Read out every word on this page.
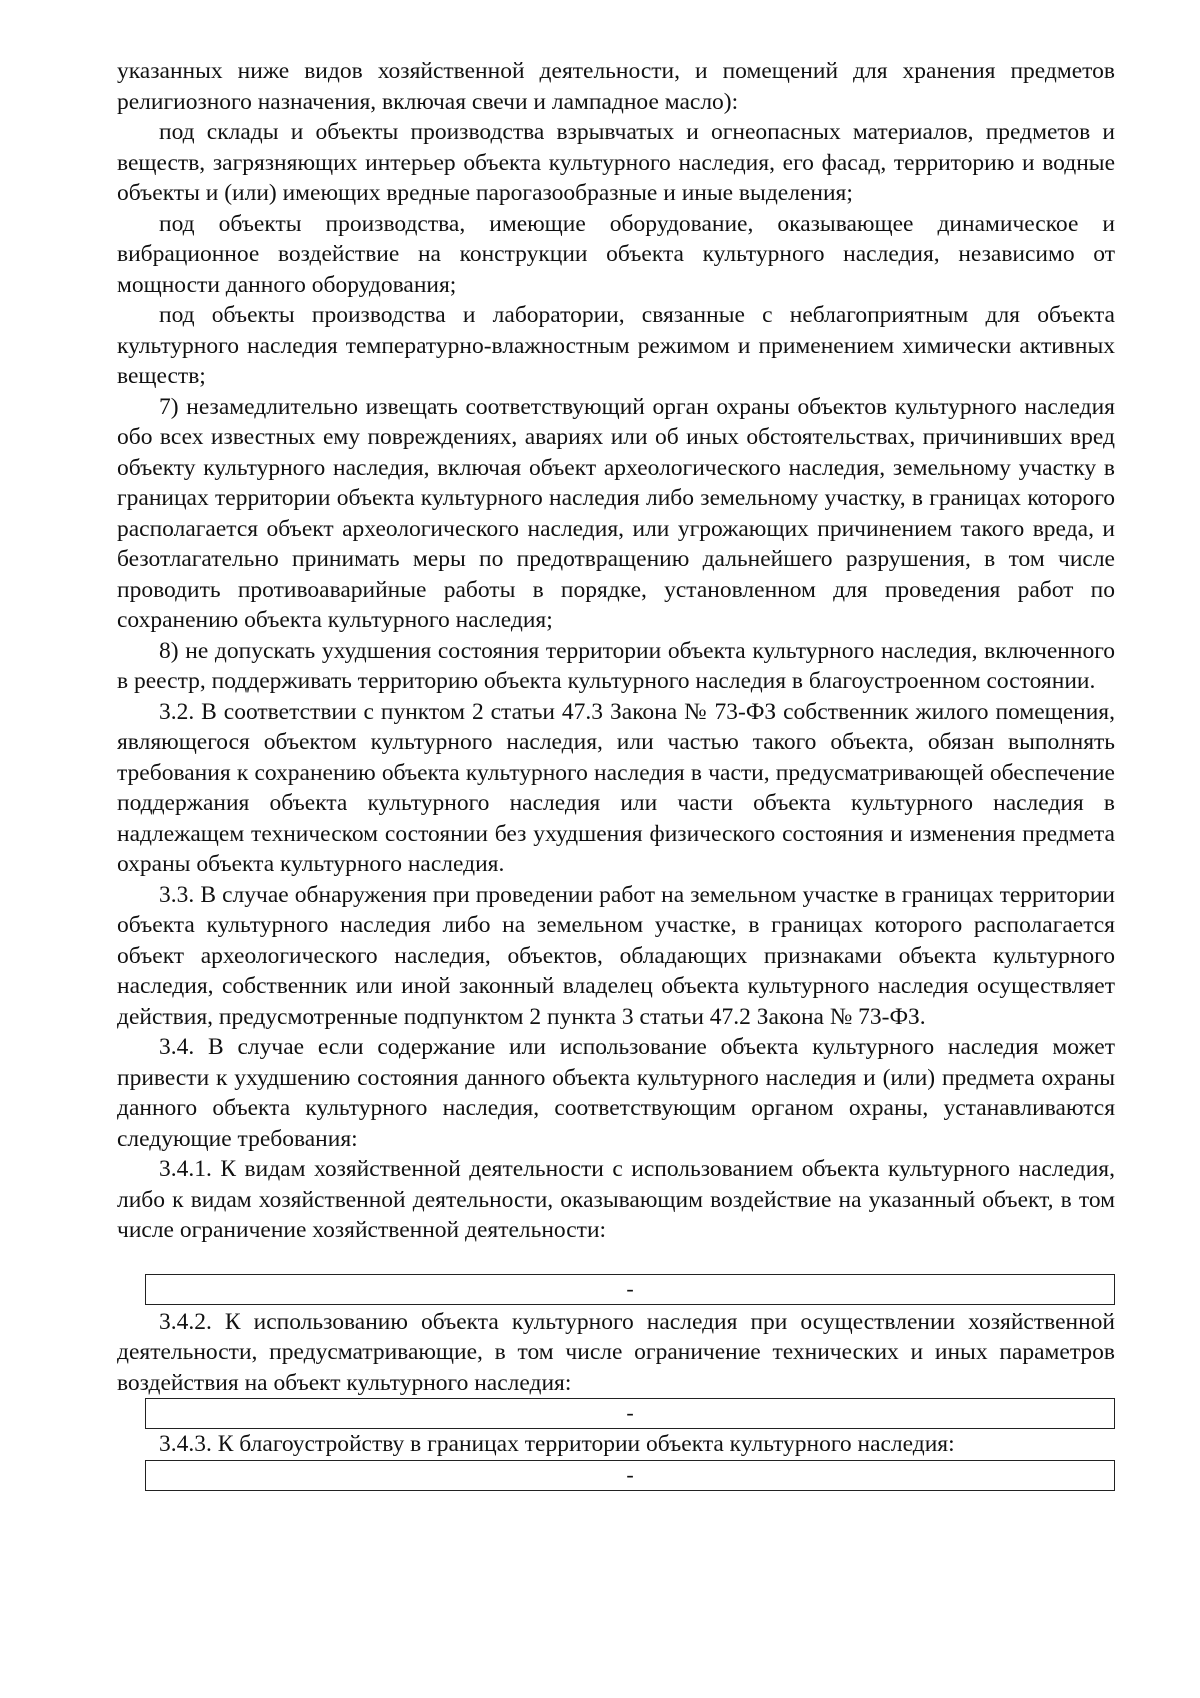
указанных ниже видов хозяйственной деятельности, и помещений для хранения предметов религиозного назначения, включая свечи и лампадное масло):

под склады и объекты производства взрывчатых и огнеопасных материалов, предметов и веществ, загрязняющих интерьер объекта культурного наследия, его фасад, территорию и водные объекты и (или) имеющих вредные парогазообразные и иные выделения;

под объекты производства, имеющие оборудование, оказывающее динамическое и вибрационное воздействие на конструкции объекта культурного наследия, независимо от мощности данного оборудования;

под объекты производства и лаборатории, связанные с неблагоприятным для объекта культурного наследия температурно-влажностным режимом и применением химически активных веществ;

7) незамедлительно извещать соответствующий орган охраны объектов культурного наследия обо всех известных ему повреждениях, авариях или об иных обстоятельствах, причинивших вред объекту культурного наследия, включая объект археологического наследия, земельному участку в границах территории объекта культурного наследия либо земельному участку, в границах которого располагается объект археологического наследия, или угрожающих причинением такого вреда, и безотлагательно принимать меры по предотвращению дальнейшего разрушения, в том числе проводить противоаварийные работы в порядке, установленном для проведения работ по сохранению объекта культурного наследия;

8) не допускать ухудшения состояния территории объекта культурного наследия, включенного в реестр, поддерживать территорию объекта культурного наследия в благоустроенном состоянии.

3.2. В соответствии с пунктом 2 статьи 47.3 Закона № 73-ФЗ собственник жилого помещения, являющегося объектом культурного наследия, или частью такого объекта, обязан выполнять требования к сохранению объекта культурного наследия в части, предусматривающей обеспечение поддержания объекта культурного наследия или части объекта культурного наследия в надлежащем техническом состоянии без ухудшения физического состояния и изменения предмета охраны объекта культурного наследия.

3.3. В случае обнаружения при проведении работ на земельном участке в границах территории объекта культурного наследия либо на земельном участке, в границах которого располагается объект археологического наследия, объектов, обладающих признаками объекта культурного наследия, собственник или иной законный владелец объекта культурного наследия осуществляет действия, предусмотренные подпунктом 2 пункта 3 статьи 47.2 Закона № 73-ФЗ.

3.4. В случае если содержание или использование объекта культурного наследия может привести к ухудшению состояния данного объекта культурного наследия и (или) предмета охраны данного объекта культурного наследия, соответствующим органом охраны, устанавливаются следующие требования:

3.4.1. К видам хозяйственной деятельности с использованием объекта культурного наследия, либо к видам хозяйственной деятельности, оказывающим воздействие на указанный объект, в том числе ограничение хозяйственной деятельности:

-

3.4.2. К использованию объекта культурного наследия при осуществлении хозяйственной деятельности, предусматривающие, в том числе ограничение технических и иных параметров воздействия на объект культурного наследия:

-

3.4.3. К благоустройству в границах территории объекта культурного наследия:

-
